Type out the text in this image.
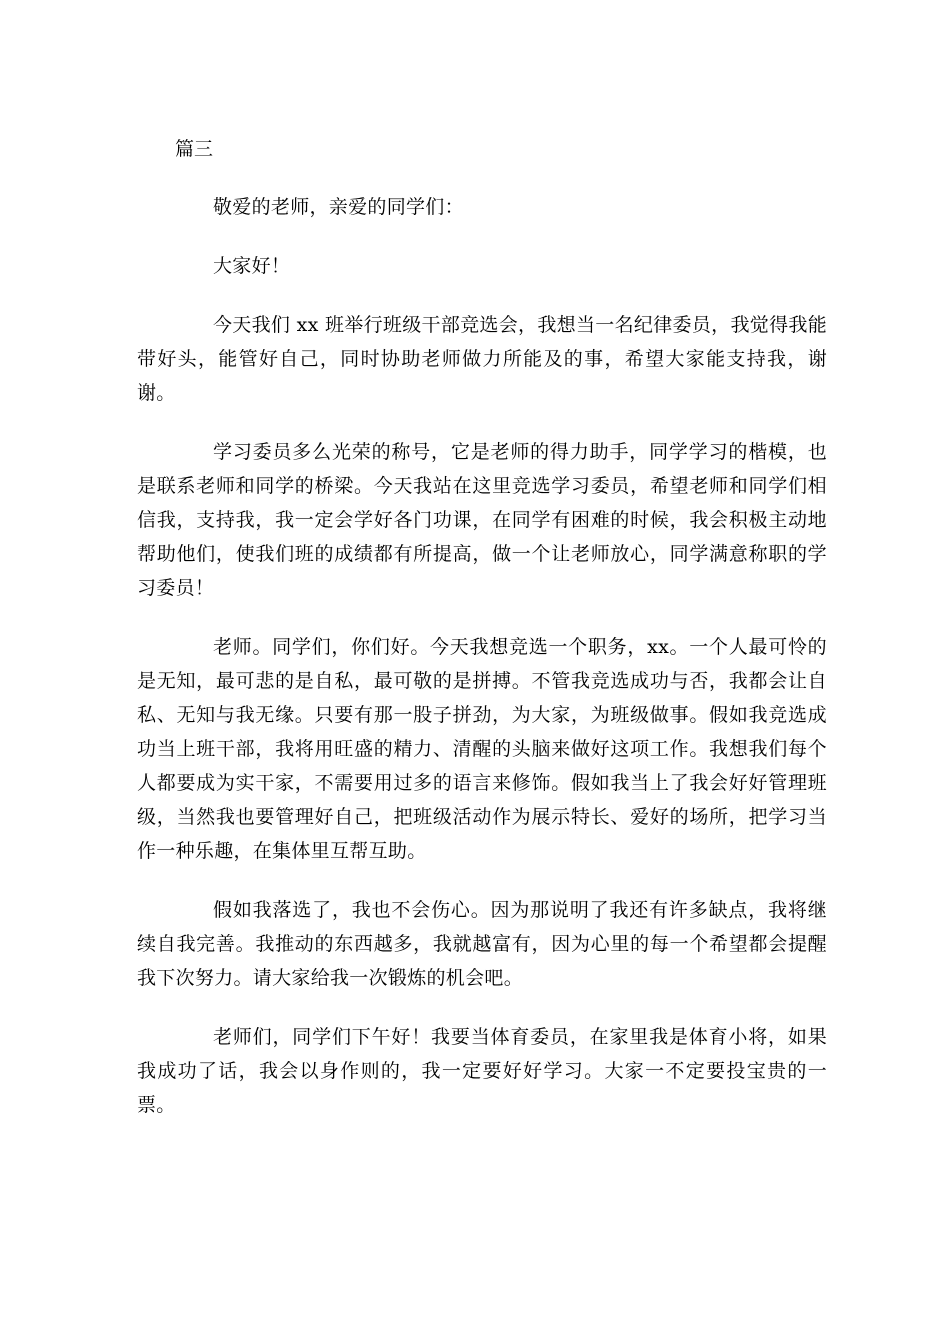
篇三

敬爱的老师，亲爱的同学们：

大家好！

今天我们 xx 班举行班级干部竞选会，我想当一名纪律委员，我觉得我能带好头，能管好自己，同时协助老师做力所能及的事，希望大家能支持我，谢谢。

学习委员多么光荣的称号，它是老师的得力助手，同学学习的楷模，也是联系老师和同学的桥梁。今天我站在这里竞选学习委员，希望老师和同学们相信我，支持我，我一定会学好各门功课，在同学有困难的时候，我会积极主动地帮助他们，使我们班的成绩都有所提高，做一个让老师放心，同学满意称职的学习委员！

老师。同学们，你们好。今天我想竞选一个职务，xx。一个人最可怜的是无知，最可悲的是自私，最可敬的是拼搏。不管我竞选成功与否，我都会让自私、无知与我无缘。只要有那一股子拼劲，为大家，为班级做事。假如我竞选成功当上班干部，我将用旺盛的精力、清醒的头脑来做好这项工作。我想我们每个人都要成为实干家，不需要用过多的语言来修饰。假如我当上了我会好好管理班级，当然我也要管理好自己，把班级活动作为展示特长、爱好的场所，把学习当作一种乐趣，在集体里互帮互助。

假如我落选了，我也不会伤心。因为那说明了我还有许多缺点，我将继续自我完善。我推动的东西越多，我就越富有，因为心里的每一个希望都会提醒我下次努力。请大家给我一次锻炼的机会吧。

老师们，同学们下午好！我要当体育委员，在家里我是体育小将，如果我成功了话，我会以身作则的，我一定要好好学习。大家一不定要投宝贵的一票。
